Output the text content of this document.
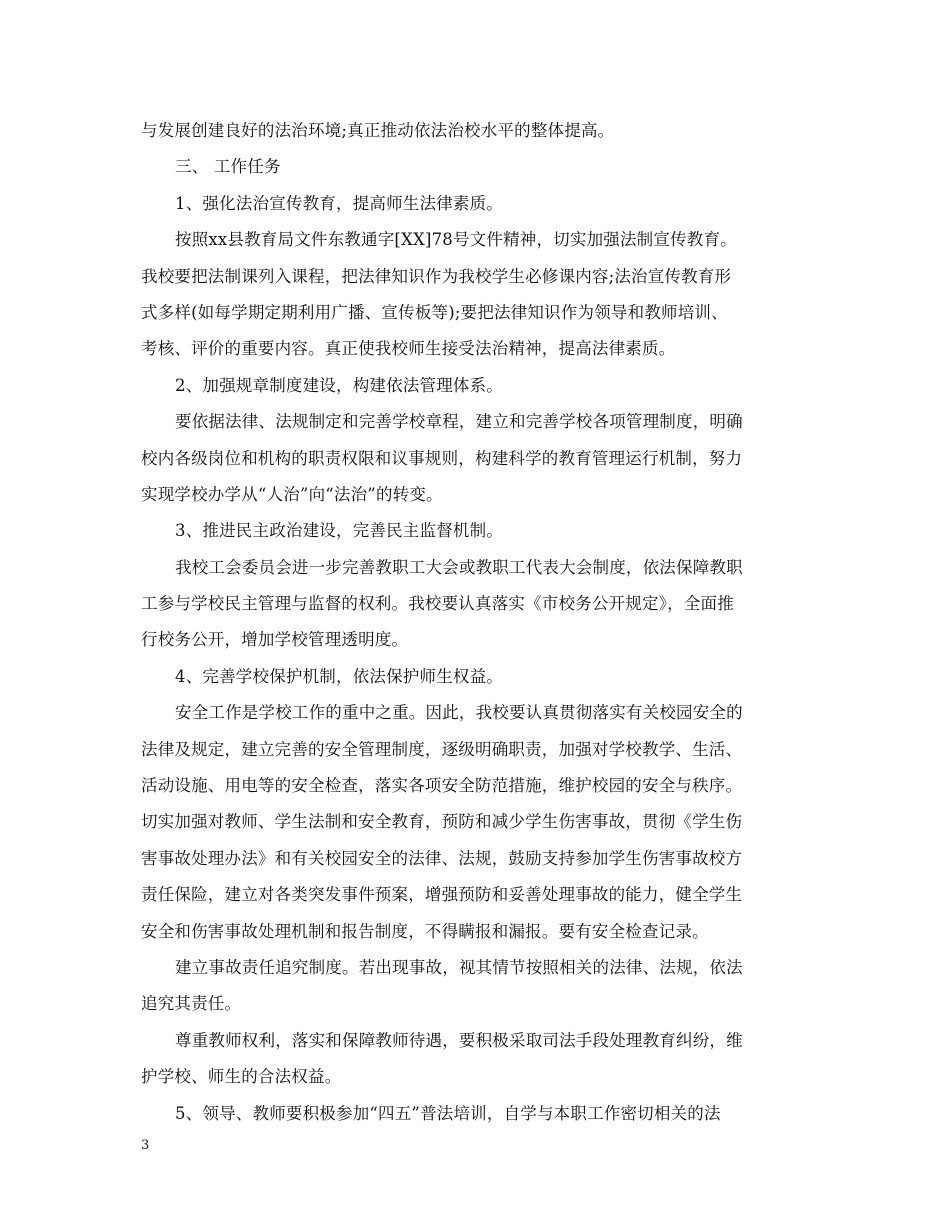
与发展创建良好的法治环境;真正推动依法治校水平的整体提高。
三、 工作任务
1、强化法治宣传教育，提高师生法律素质。
按照xx县教育局文件东教通字[XX]78号文件精神，切实加强法制宣传教育。
我校要把法制课列入课程，把法律知识作为我校学生必修课内容;法治宣传教育形
式多样(如每学期定期利用广播、宣传板等);要把法律知识作为领导和教师培训、
考核、评价的重要内容。真正使我校师生接受法治精神，提高法律素质。
2、加强规章制度建设，构建依法管理体系。
要依据法律、法规制定和完善学校章程，建立和完善学校各项管理制度，明确
校内各级岗位和机构的职责权限和议事规则，构建科学的教育管理运行机制，努力
实现学校办学从“人治”向“法治”的转变。
3、推进民主政治建设，完善民主监督机制。
我校工会委员会进一步完善教职工大会或教职工代表大会制度，依法保障教职
工参与学校民主管理与监督的权利。我校要认真落实《市校务公开规定》，全面推
行校务公开，增加学校管理透明度。
4、完善学校保护机制，依法保护师生权益。
安全工作是学校工作的重中之重。因此，我校要认真贯彻落实有关校园安全的
法律及规定，建立完善的安全管理制度，逐级明确职责，加强对学校教学、生活、
活动设施、用电等的安全检查，落实各项安全防范措施，维护校园的安全与秩序。
切实加强对教师、学生法制和安全教育，预防和减少学生伤害事故，贯彻《学生伤
害事故处理办法》和有关校园安全的法律、法规，鼓励支持参加学生伤害事故校方
责任保险，建立对各类突发事件预案，增强预防和妥善处理事故的能力，健全学生
安全和伤害事故处理机制和报告制度，不得瞒报和漏报。要有安全检查记录。
建立事故责任追究制度。若出现事故，视其情节按照相关的法律、法规，依法
追究其责任。
尊重教师权利，落实和保障教师待遇，要积极采取司法手段处理教育纠纷，维
护学校、师生的合法权益。
5、领导、教师要积极参加“四五”普法培训，自学与本职工作密切相关的法
3
